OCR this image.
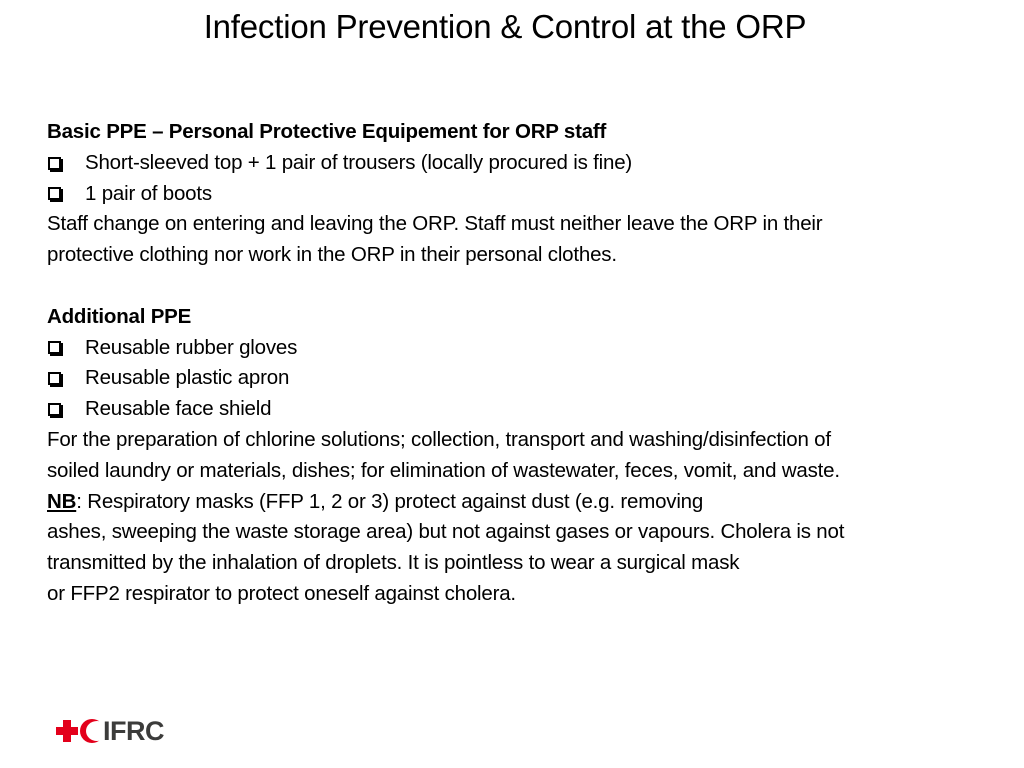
Infection Prevention & Control at the ORP
Basic PPE – Personal Protective Equipement for ORP staff
Short-sleeved top + 1 pair of trousers (locally procured is fine)
1 pair of boots
Staff change on entering and leaving the ORP. Staff must neither leave the ORP in their
protective clothing nor work in the ORP in their personal clothes.
Additional PPE
Reusable rubber gloves
Reusable plastic apron
Reusable face shield
For the preparation of chlorine solutions; collection, transport and washing/disinfection of
soiled laundry or materials, dishes; for elimination of wastewater, feces, vomit, and waste.
NB: Respiratory masks (FFP 1, 2 or 3) protect against dust (e.g. removing
ashes, sweeping the waste storage area) but not against gases or vapours. Cholera is not
transmitted by the inhalation of droplets. It is pointless to wear a surgical mask
or FFP2 respirator to protect oneself against cholera.
IFRC
